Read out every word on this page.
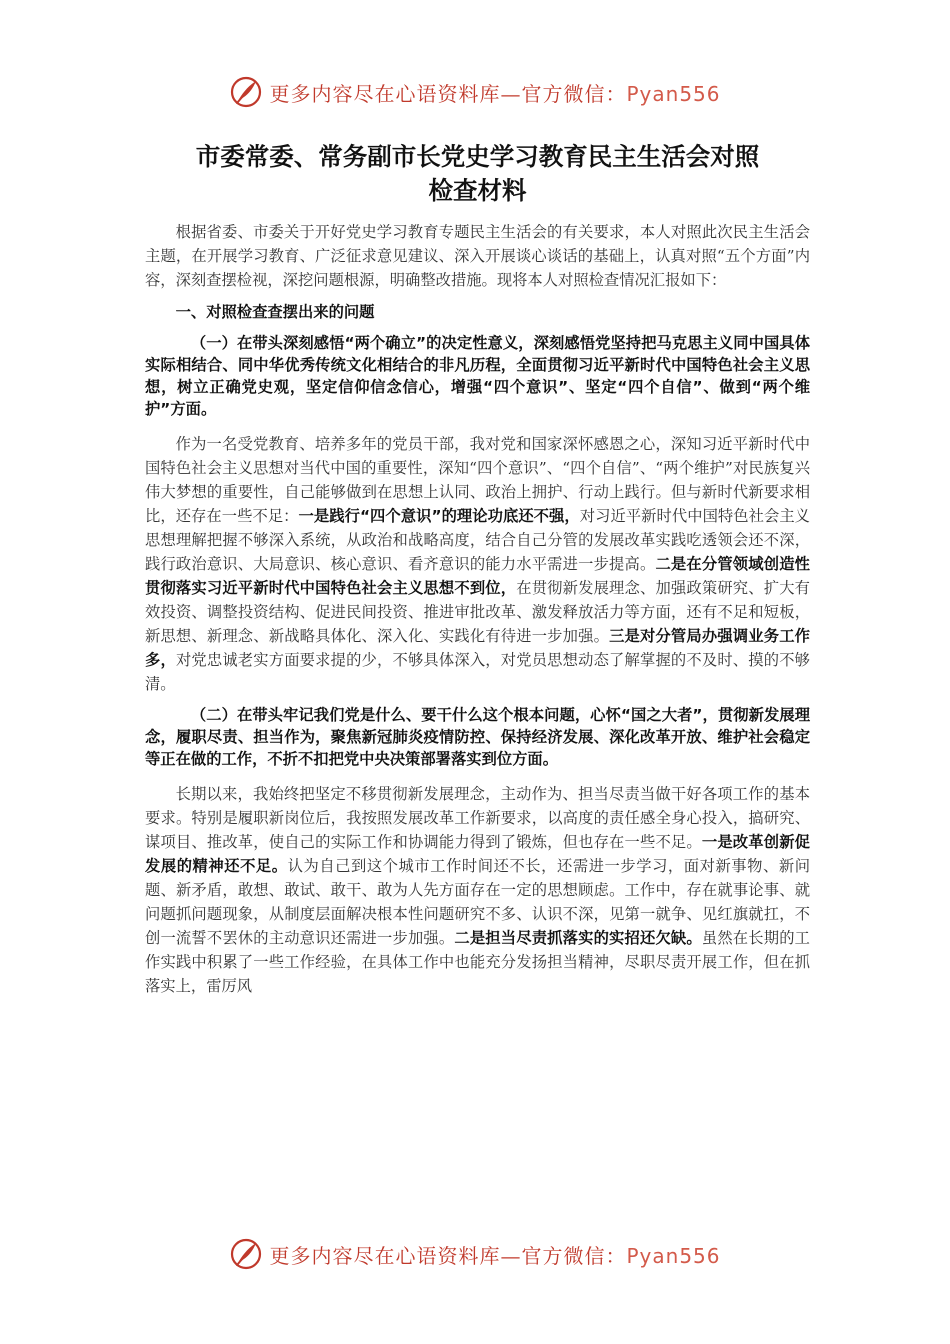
更多内容尽在心语资料库—官方微信：Pyan556
市委常委、常务副市长党史学习教育民主生活会对照
检查材料

根据省委、市委关于开好党史学习教育专题民主生活会的有关要求，本人对照此次民主生活会主题，在开展学习教育、广泛征求意见建议、深入开展谈心谈话的基础上，认真对照“五个方面”内容，深刻查摆检视，深挖问题根源，明确整改措施。现将本人对照检查情况汇报如下：

一、对照检查查摆出来的问题

（一）在带头深刻感悟“两个确立”的决定性意义，深刻感悟党坚持把马克思主义同中国具体实际相结合、同中华优秀传统文化相结合的非凡历程，全面贯彻习近平新时代中国特色社会主义思想，树立正确党史观，坚定信仰信念信心，增强“四个意识”、坚定“四个自信”、做到“两个维护”方面。

作为一名受党教育、培养多年的党员干部，我对党和国家深怀感恩之心，深知习近平新时代中国特色社会主义思想对当代中国的重要性，深知“四个意识”、“四个自信”、“两个维护”对民族复兴伟大梦想的重要性，自己能够做到在思想上认同、政治上拥护、行动上践行。但与新时代新要求相比，还存在一些不足：一是践行“四个意识”的理论功底还不强，对习近平新时代中国特色社会主义思想理解把握不够深入系统，从政治和战略高度，结合自己分管的发展改革实践吃透领会还不深，践行政治意识、大局意识、核心意识、看齐意识的能力水平需进一步提高。二是在分管领域创造性贯彻落实习近平新时代中国特色社会主义思想不到位，在贯彻新发展理念、加强政策研究、扩大有效投资、调整投资结构、促进民间投资、推进审批改革、激发释放活力等方面，还有不足和短板，新思想、新理念、新战略具体化、深入化、实践化有待进一步加强。三是对分管局办强调业务工作多，对党忠诚老实方面要求提的少，不够具体深入，对党员思想动态了解掌握的不及时、摸的不够清。

（二）在带头牢记我们党是什么、要干什么这个根本问题，心怀“国之大者”，贯彻新发展理念，履职尽责、担当作为，聚焦新冠肺炎疫情防控、保持经济发展、深化改革开放、维护社会稳定等正在做的工作，不折不扣把党中央决策部署落实到位方面。

长期以来，我始终把坚定不移贯彻新发展理念，主动作为、担当尽责当做干好各项工作的基本要求。特别是履职新岗位后，我按照发展改革工作新要求，以高度的责任感全身心投入，搞研究、谋项目、推改革，使自己的实际工作和协调能力得到了锻炼，但也存在一些不足。一是改革创新促发展的精神还不足。认为自己到这个城市工作时间还不长，还需进一步学习，面对新事物、新问题、新矛盾，敢想、敢试、敢干、敢为人先方面存在一定的思想顾虑。工作中，存在就事论事、就问题抓问题现象，从制度层面解决根本性问题研究不多、认识不深，见第一就争、见红旗就扛，不创一流誓不罢休的主动意识还需进一步加强。二是担当尽责抓落实的实招还欠缺。虽然在长期的工作实践中积累了一些工作经验，在具体工作中也能充分发扬担当精神，尽职尽责开展工作，但在抓落实上，雷厉风

更多内容尽在心语资料库—官方微信：Pyan556
